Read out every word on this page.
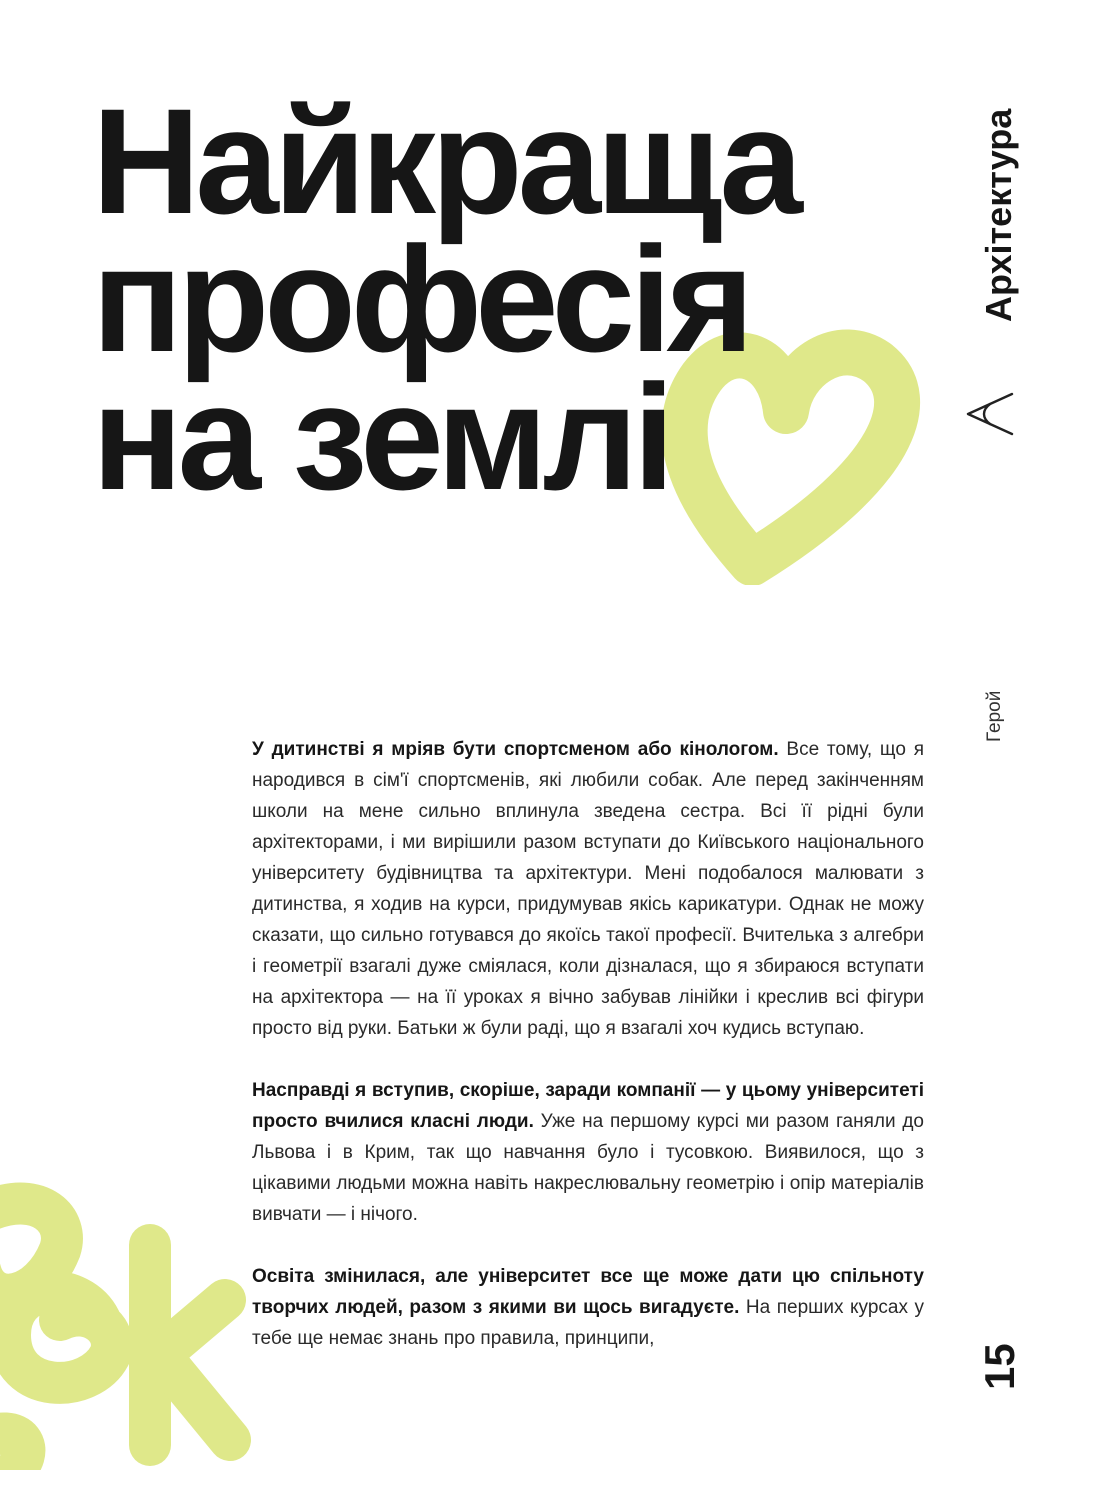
Найкраща
професія
на землі
Архітектура
Герой
15

У дитинстві я мріяв бути спортсменом або кінологом. Все тому, що я народився в сім'ї спортсменів, які любили собак. Але перед закінченням школи на мене сильно вплинула зведена сестра. Всі її рідні були архітекторами, і ми вирішили разом вступати до Київського національного університету будівництва та архітектури. Мені подобалося малювати з дитинства, я ходив на курси, придумував якісь карикатури. Однак не можу сказати, що сильно готувався до якоїсь такої професії. Вчителька з алгебри і геометрії взагалі дуже сміялася, коли дізналася, що я збираюся вступати на архітектора — на її уроках я вічно забував лінійки і креслив всі фігури просто від руки. Батьки ж були раді, що я взагалі хоч кудись вступаю.

Насправді я вступив, скоріше, заради компанії — у цьому університеті просто вчилися класні люди. Уже на першому курсі ми разом ганяли до Львова і в Крим, так що навчання було і тусовкою. Виявилося, що з цікавими людьми можна навіть накреслювальну геометрію і опір матеріалів вивчати — і нічого.

Освіта змінилася, але університет все ще може дати цю спільноту творчих людей, разом з якими ви щось вигадуєте. На перших курсах у тебе ще немає знань про правила, принципи,
